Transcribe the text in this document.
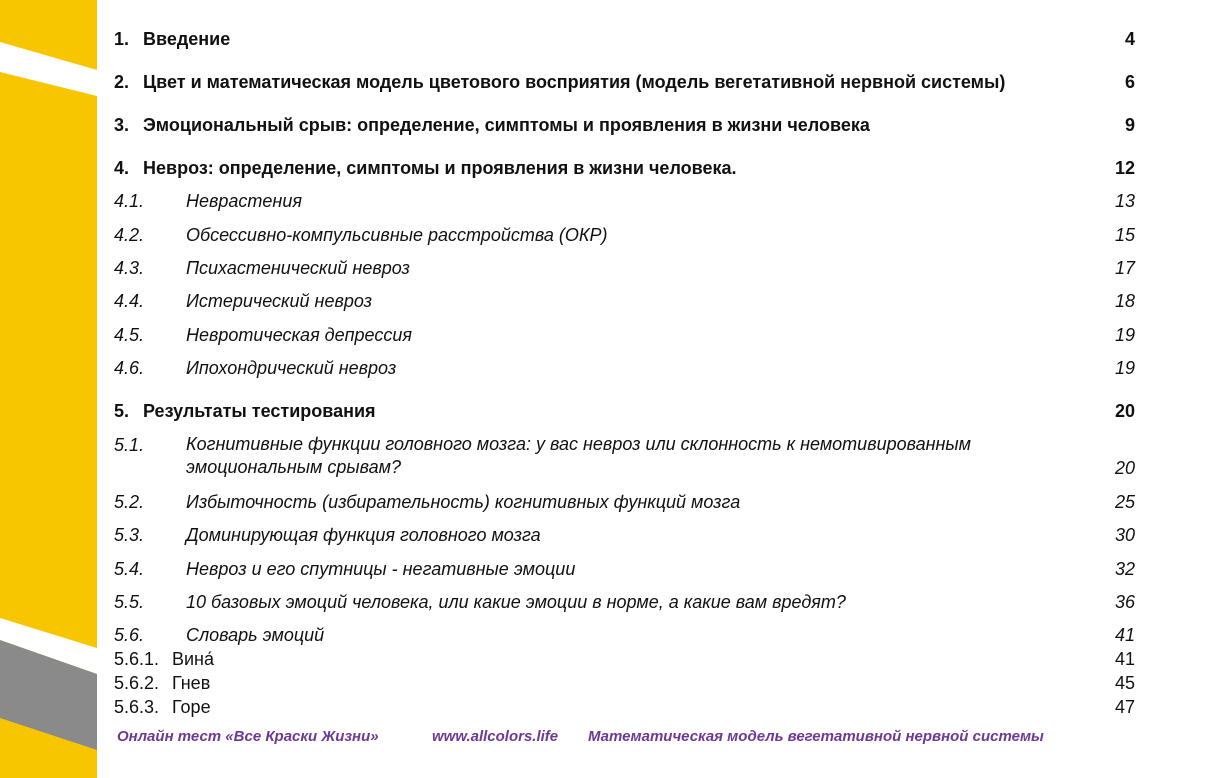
1. Введение	4
2. Цвет и математическая модель цветового восприятия (модель вегетативной нервной системы)	6
3. Эмоциональный срыв: определение, симптомы и проявления в жизни человека	9
4. Невроз: определение, симптомы и проявления в жизни человека.	12
4.1. Неврастения	13
4.2. Обсессивно-компульсивные расстройства (ОКР)	15
4.3. Психастенический невроз	17
4.4. Истерический невроз	18
4.5. Невротическая депрессия	19
4.6. Ипохондрический невроз	19
5. Результаты тестирования	20
5.1. Когнитивные функции головного мозга: у вас невроз или склонность к немотивированным
эмоциональным срывам?	20
5.2. Избыточность (избирательность) когнитивных функций мозга	25
5.3. Доминирующая функция головного мозга	30
5.4. Невроз и его спутницы - негативные эмоции	32
5.5. 10 базовых эмоций человека, или какие эмоции в норме, а какие вам вредят?	36
5.6. Словарь эмоций	41
5.6.1. Вина́	41
5.6.2. Гнев	45
5.6.3. Горе	47
Онлайн тест «Все Краски Жизни»	www.allcolors.life Математическая модель вегетативной нервной системы
